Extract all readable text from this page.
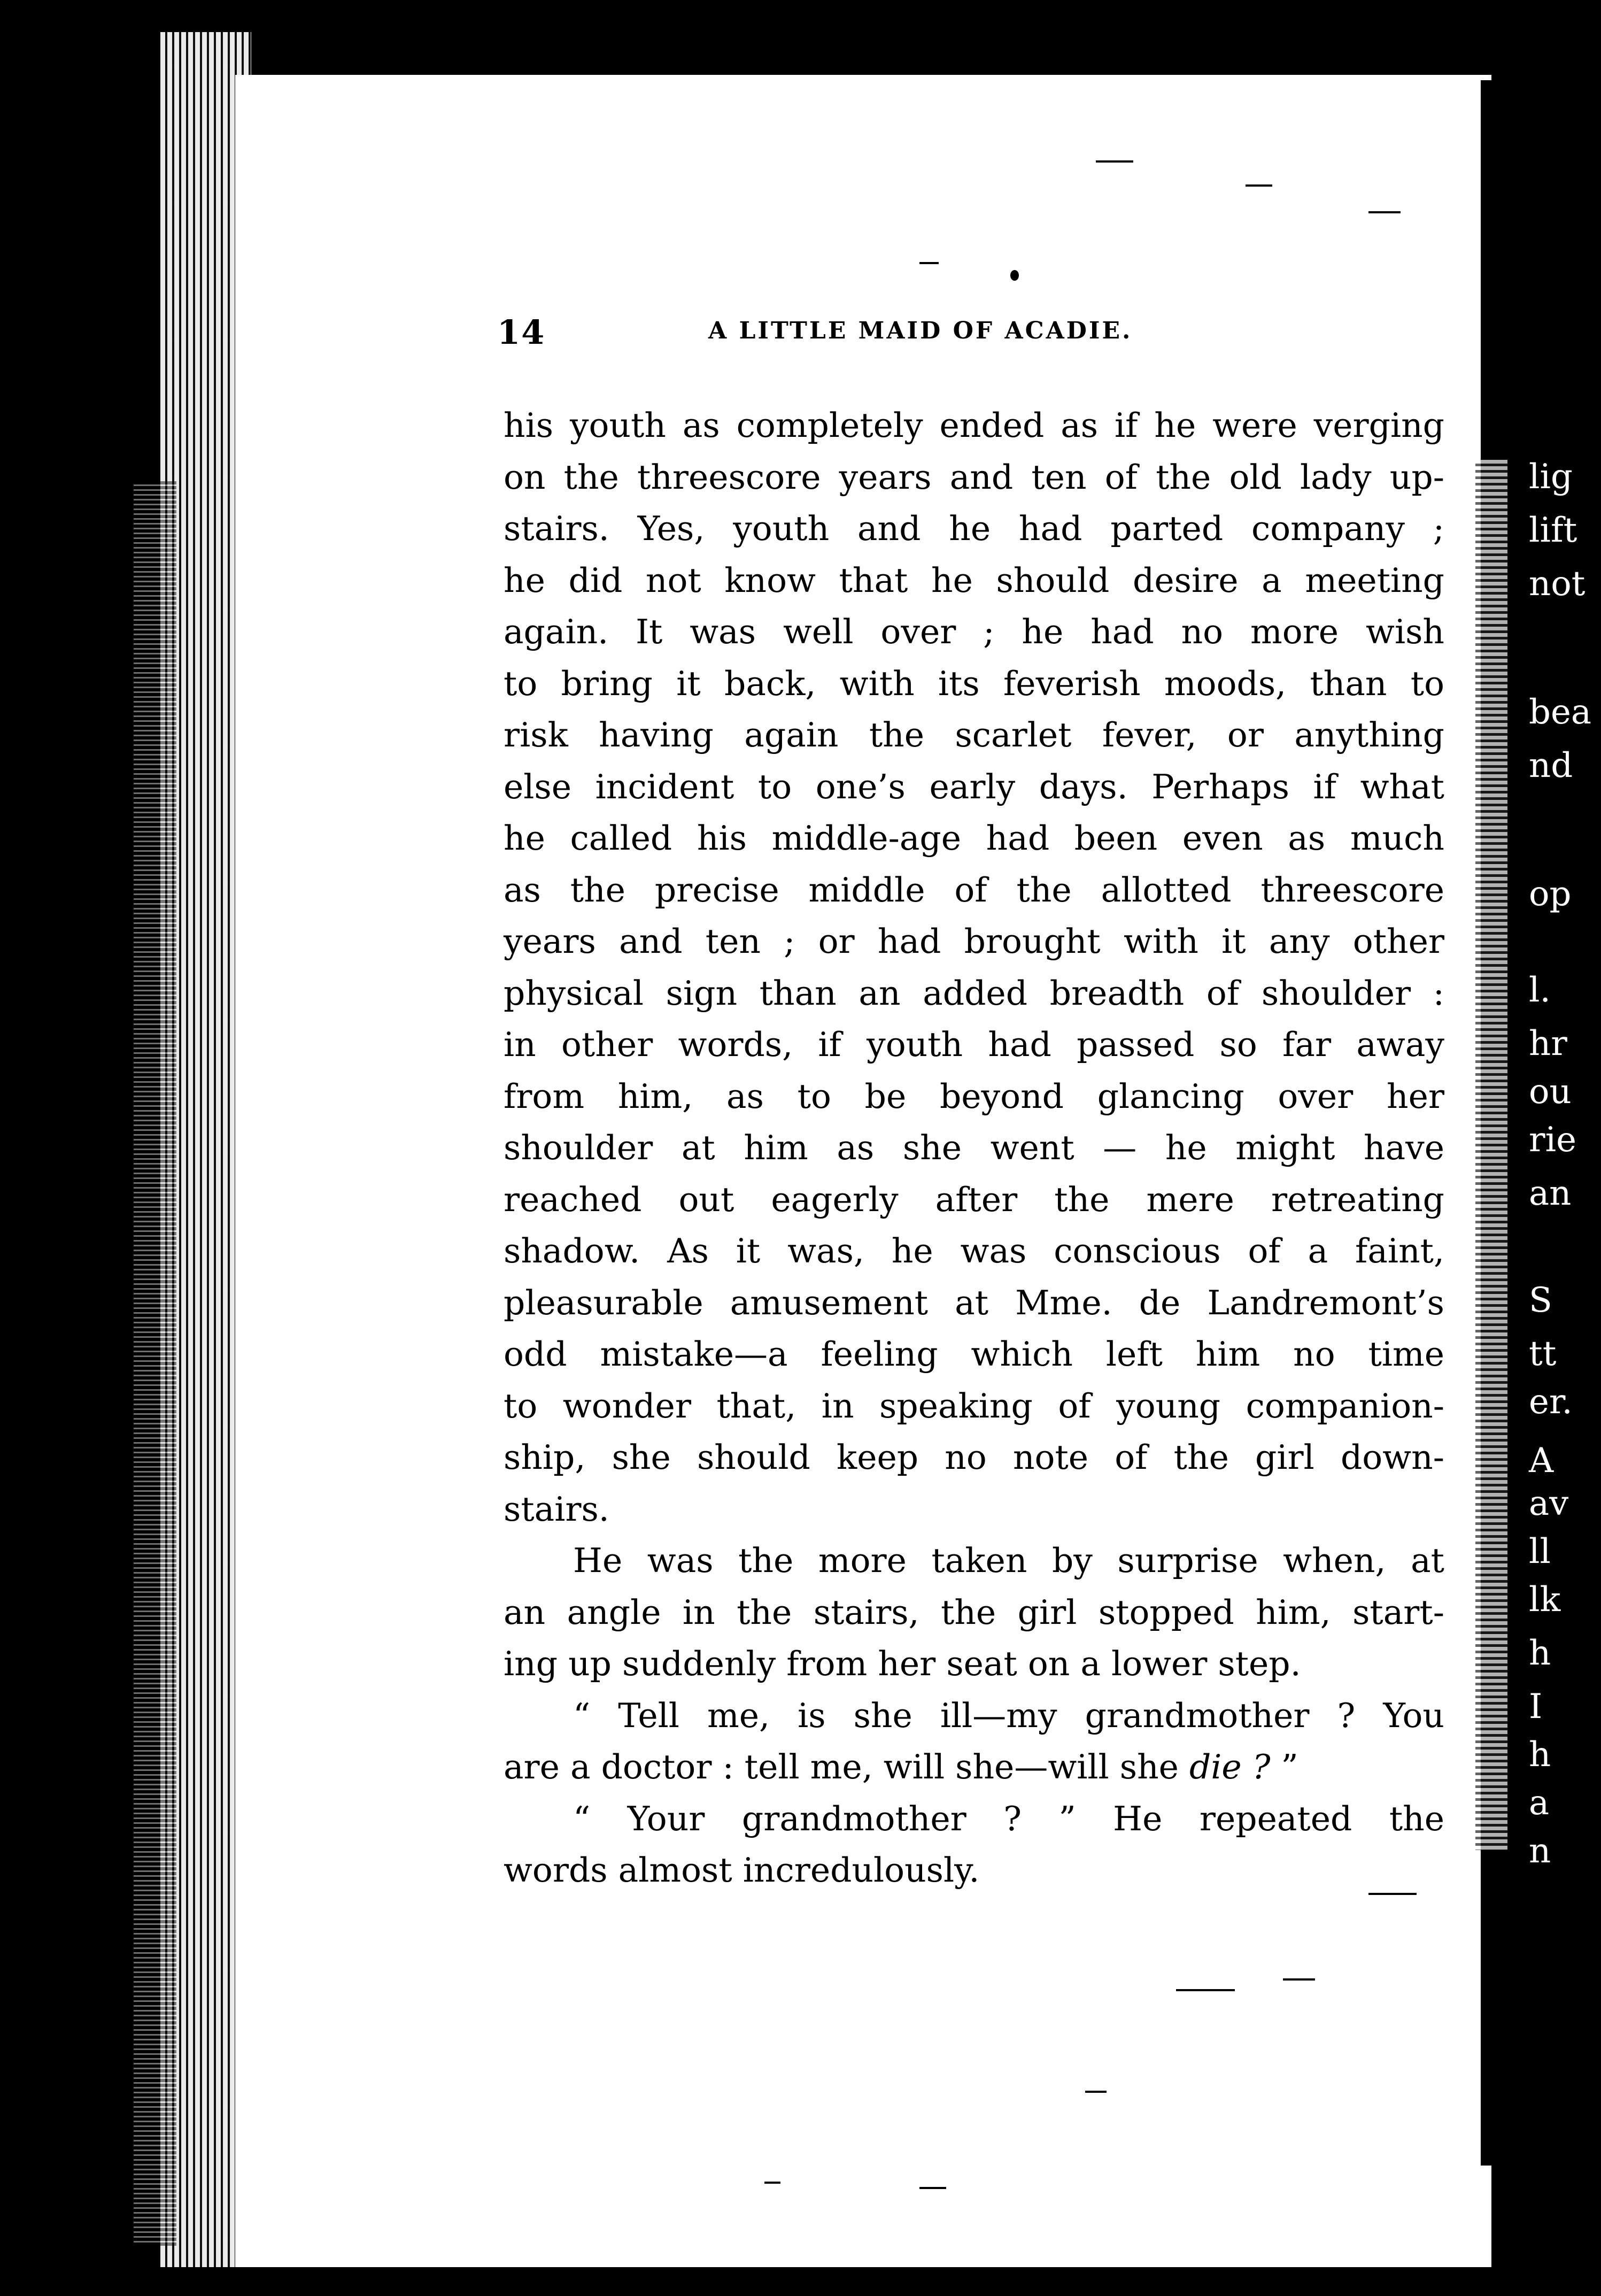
lig
lift
not
bea
nd
op
l.
hr
ou
rie
an
S
tt
er.
A
av
ll
lk
h
I
h
a
n
14	A LITTLE MAID OF ACADIE.
his youth as completely ended as if he were verging
on the threescore years and ten of the old lady up-
stairs. Yes, youth and he had parted company ;
he did not know that he should desire a meeting
again. It was well over ; he had no more wish
to bring it back, with its feverish moods, than to
risk having again the scarlet fever, or anything
else incident to one’s early days. Perhaps if what
he called his middle-age had been even as much
as the precise middle of the allotted threescore
years and ten ; or had brought with it any other
physical sign than an added breadth of shoulder :
in other words, if youth had passed so far away
from him, as to be beyond glancing over her
shoulder at him as she went — he might have
reached out eagerly after the mere retreating
shadow. As it was, he was conscious of a faint,
pleasurable amusement at Mme. de Landremont’s
odd mistake—a feeling which left him no time
to wonder that, in speaking of young companion-
ship, she should keep no note of the girl down-
stairs.
He was the more taken by surprise when, at
an angle in the stairs, the girl stopped him, start-
ing up suddenly from her seat on a lower step.
“ Tell me, is she ill—my grandmother ? You
are a doctor : tell me, will she—will she die ? ”
“ Your grandmother ? ” He repeated the
words almost incredulously.
